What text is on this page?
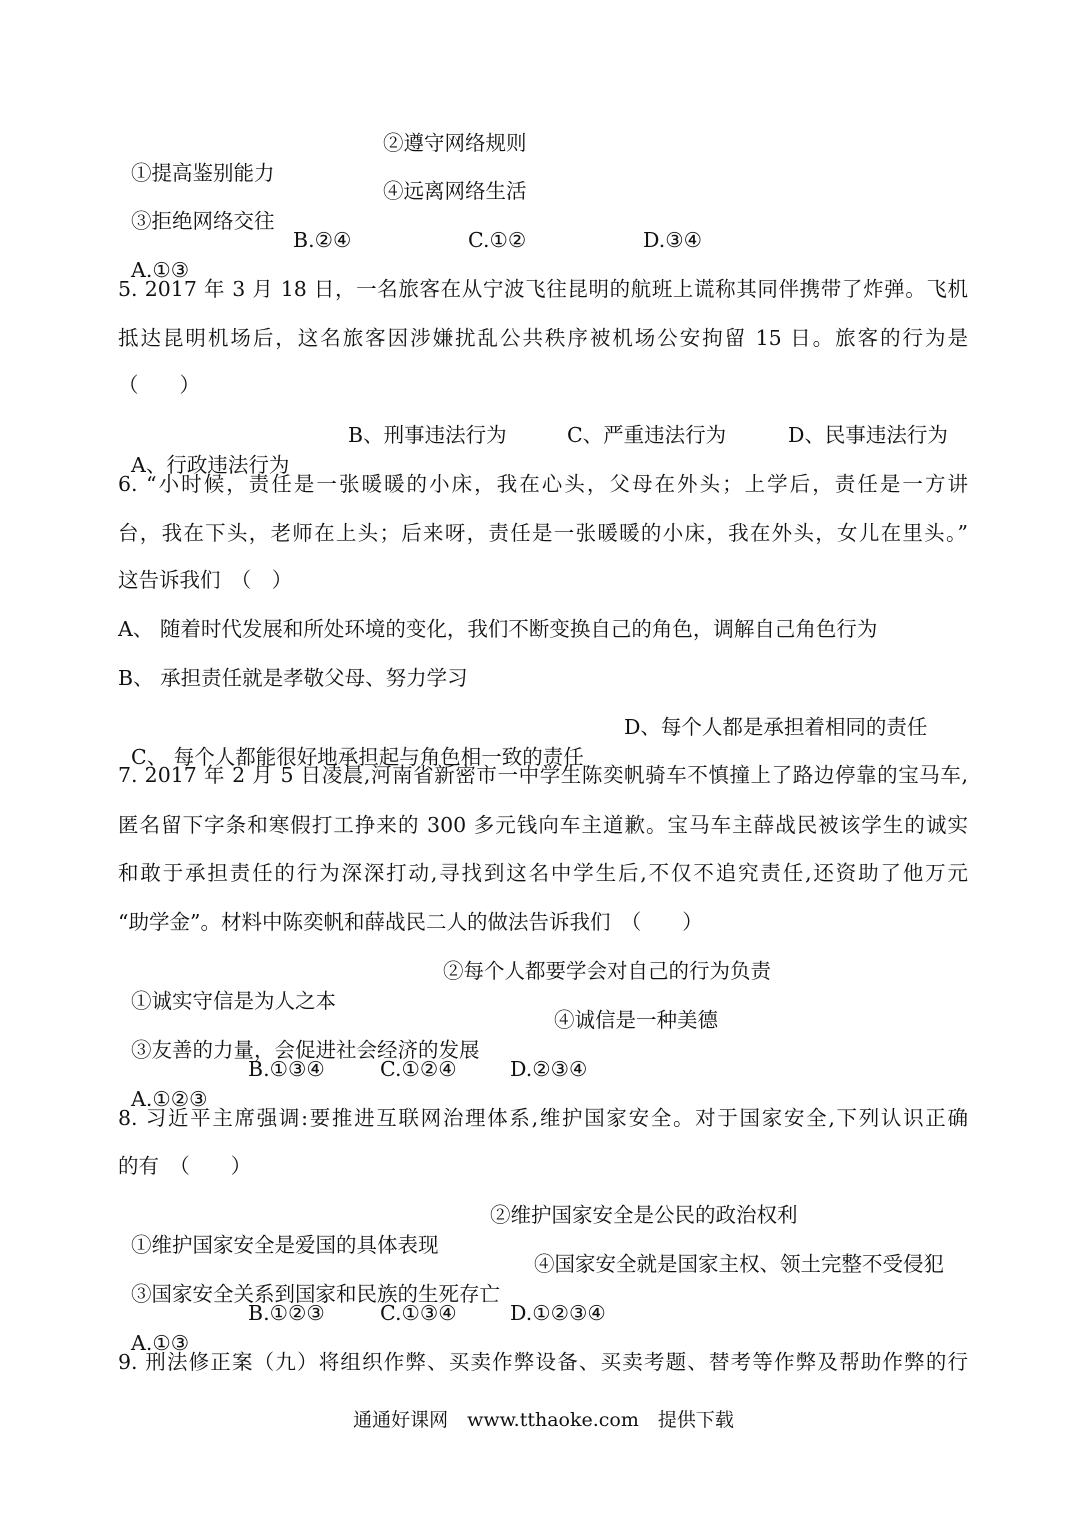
①提高鉴别能力

②遵守网络规则

③拒绝网络交往

④远离网络生活

A.①③

B.②④

	C.①②

	D.③④

5. 2017 年 3 月 18 日，一名旅客在从宁波飞往昆明的航班上谎称其同伴携带了炸弹。飞机
抵达昆明机场后，这名旅客因涉嫌扰乱公共秩序被机场公安拘留 15 日。旅客的行为是
（　　）

A、行政违法行为

B、刑事违法行为

	C、严重违法行为

	D、民事违法行为

6. “小时候，责任是一张暖暖的小床，我在心头，父母在外头；上学后，责任是一方讲
台，我在下头，老师在上头；后来呀，责任是一张暖暖的小床，我在外头，女儿在里头。”
这告诉我们　（　）
A、 随着时代发展和所处环境的变化，我们不断变换自己的角色，调解自己角色行为
B、 承担责任就是孝敬父母、努力学习

C、 每个人都能很好地承担起与角色相一致的责任

D、每个人都是承担着相同的责任

7. 2017 年 2 月 5 日凌晨,河南省新密市一中学生陈奕帆骑车不慎撞上了路边停靠的宝马车,
匿名留下字条和寒假打工挣来的 300 多元钱向车主道歉。宝马车主薛战民被该学生的诚实
和敢于承担责任的行为深深打动,寻找到这名中学生后,不仅不追究责任,还资助了他万元
“助学金”。材料中陈奕帆和薛战民二人的做法告诉我们　（　　）

①诚实守信是为人之本

②每个人都要学会对自己的行为负责

③友善的力量，会促进社会经济的发展

④诚信是一种美德

A.①②③

B.①③④

	C.①②④

	D.②③④

8. 习近平主席强调:要推进互联网治理体系,维护国家安全。对于国家安全,下列认识正确
的有　（　　）

①维护国家安全是爱国的具体表现

②维护国家安全是公民的政治权利

③国家安全关系到国家和民族的生死存亡

④国家安全就是国家主权、领土完整不受侵犯

A.①③

B.①②③

	C.①③④

	D.①②③④

9. 刑法修正案（九）将组织作弊、买卖作弊设备、买卖考题、替考等作弊及帮助作弊的行
通通好课网　www.tthaoke.com　提供下载
